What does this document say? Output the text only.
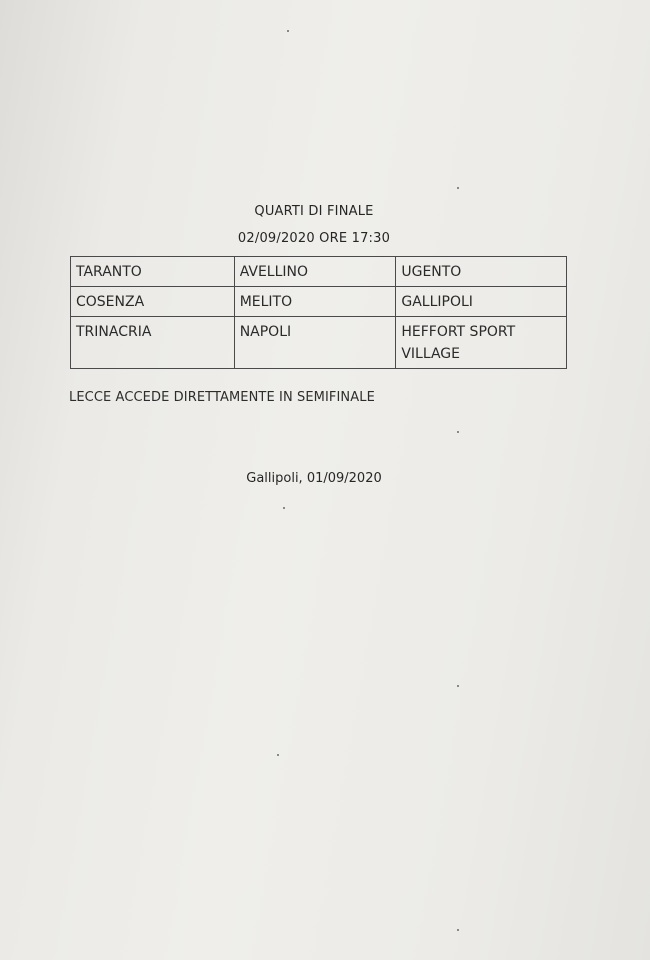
QUARTI DI FINALE
02/09/2020 ORE 17:30
TARANTO	AVELLINO	UGENTO
COSENZA	MELITO	GALLIPOLI
TRINACRIA	NAPOLI	HEFFORT SPORT VILLAGE
LECCE ACCEDE DIRETTAMENTE IN SEMIFINALE
Gallipoli, 01/09/2020
